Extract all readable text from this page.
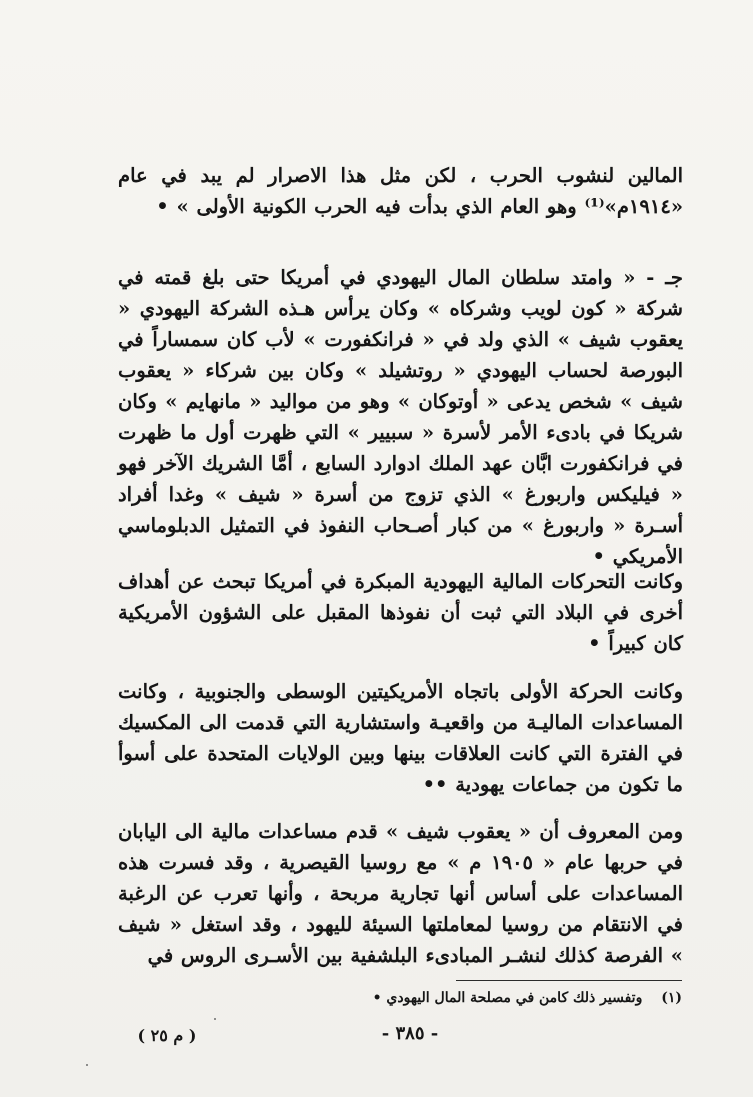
المالين لنشوب الحرب ، لكن مثل هذا الاصرار لم يبد في عام «١٩١٤م»⁽¹⁾ وهو العام الذي بدأت فيه الحرب الكونية الأولى » •

جـ - « وامتد سلطان المال اليهودي في أمريكا حتى بلغ قمته في شركة « كون لويب وشركاه » وكان يرأس هـذه الشركة اليهودي « يعقوب شيف » الذي ولد في « فرانكفورت » لأب كان سمساراً في البورصة لحساب اليهودي « روتشيلد » وكان بين شركاء « يعقوب شيف » شخص يدعى « أوتوكان » وهو من مواليد « مانهايم » وكان شريكا في بادىء الأمر لأسرة « سبيير » التي ظهرت أول ما ظهرت في فرانكفورت ابَّان عهد الملك ادوارد السابع ، أمَّا الشريك الآخر فهو « فيليكس واربورغ » الذي تزوج من أسرة « شيف » وغدا أفراد أسـرة « واربورغ » من كبار أصـحاب النفوذ في التمثيل الدبلوماسي الأمريكي •

وكانت التحركات المالية اليهودية المبكرة في أمريكا تبحث عن أهداف أخرى في البلاد التي ثبت أن نفوذها المقبل على الشؤون الأمريكية كان كبيراً •

وكانت الحركة الأولى باتجاه الأمريكيتين الوسطى والجنوبية ، وكانت المساعدات الماليـة من واقعيـة واستشارية التي قدمت الى المكسيك في الفترة التي كانت العلاقات بينها وبين الولايات المتحدة على أسوأ ما تكون من جماعات يهودية ••

ومن المعروف أن « يعقوب شيف » قدم مساعدات مالية الى اليابان في حربها عام « ١٩٠٥ م » مع روسيا القيصرية ، وقد فسرت هذه المساعدات على أساس أنها تجارية مربحة ، وأنها تعرب عن الرغبة في الانتقام من روسيا لمعاملتها السيئة لليهود ، وقد استغل « شيف » الفرصة كذلك لنشـر المبادىء البلشفية بين الأسـرى الروس في

(١) وتفسير ذلك كامن في مصلحة المال اليهودي •
- ٣٨٥ -
( م ٢٥ )
